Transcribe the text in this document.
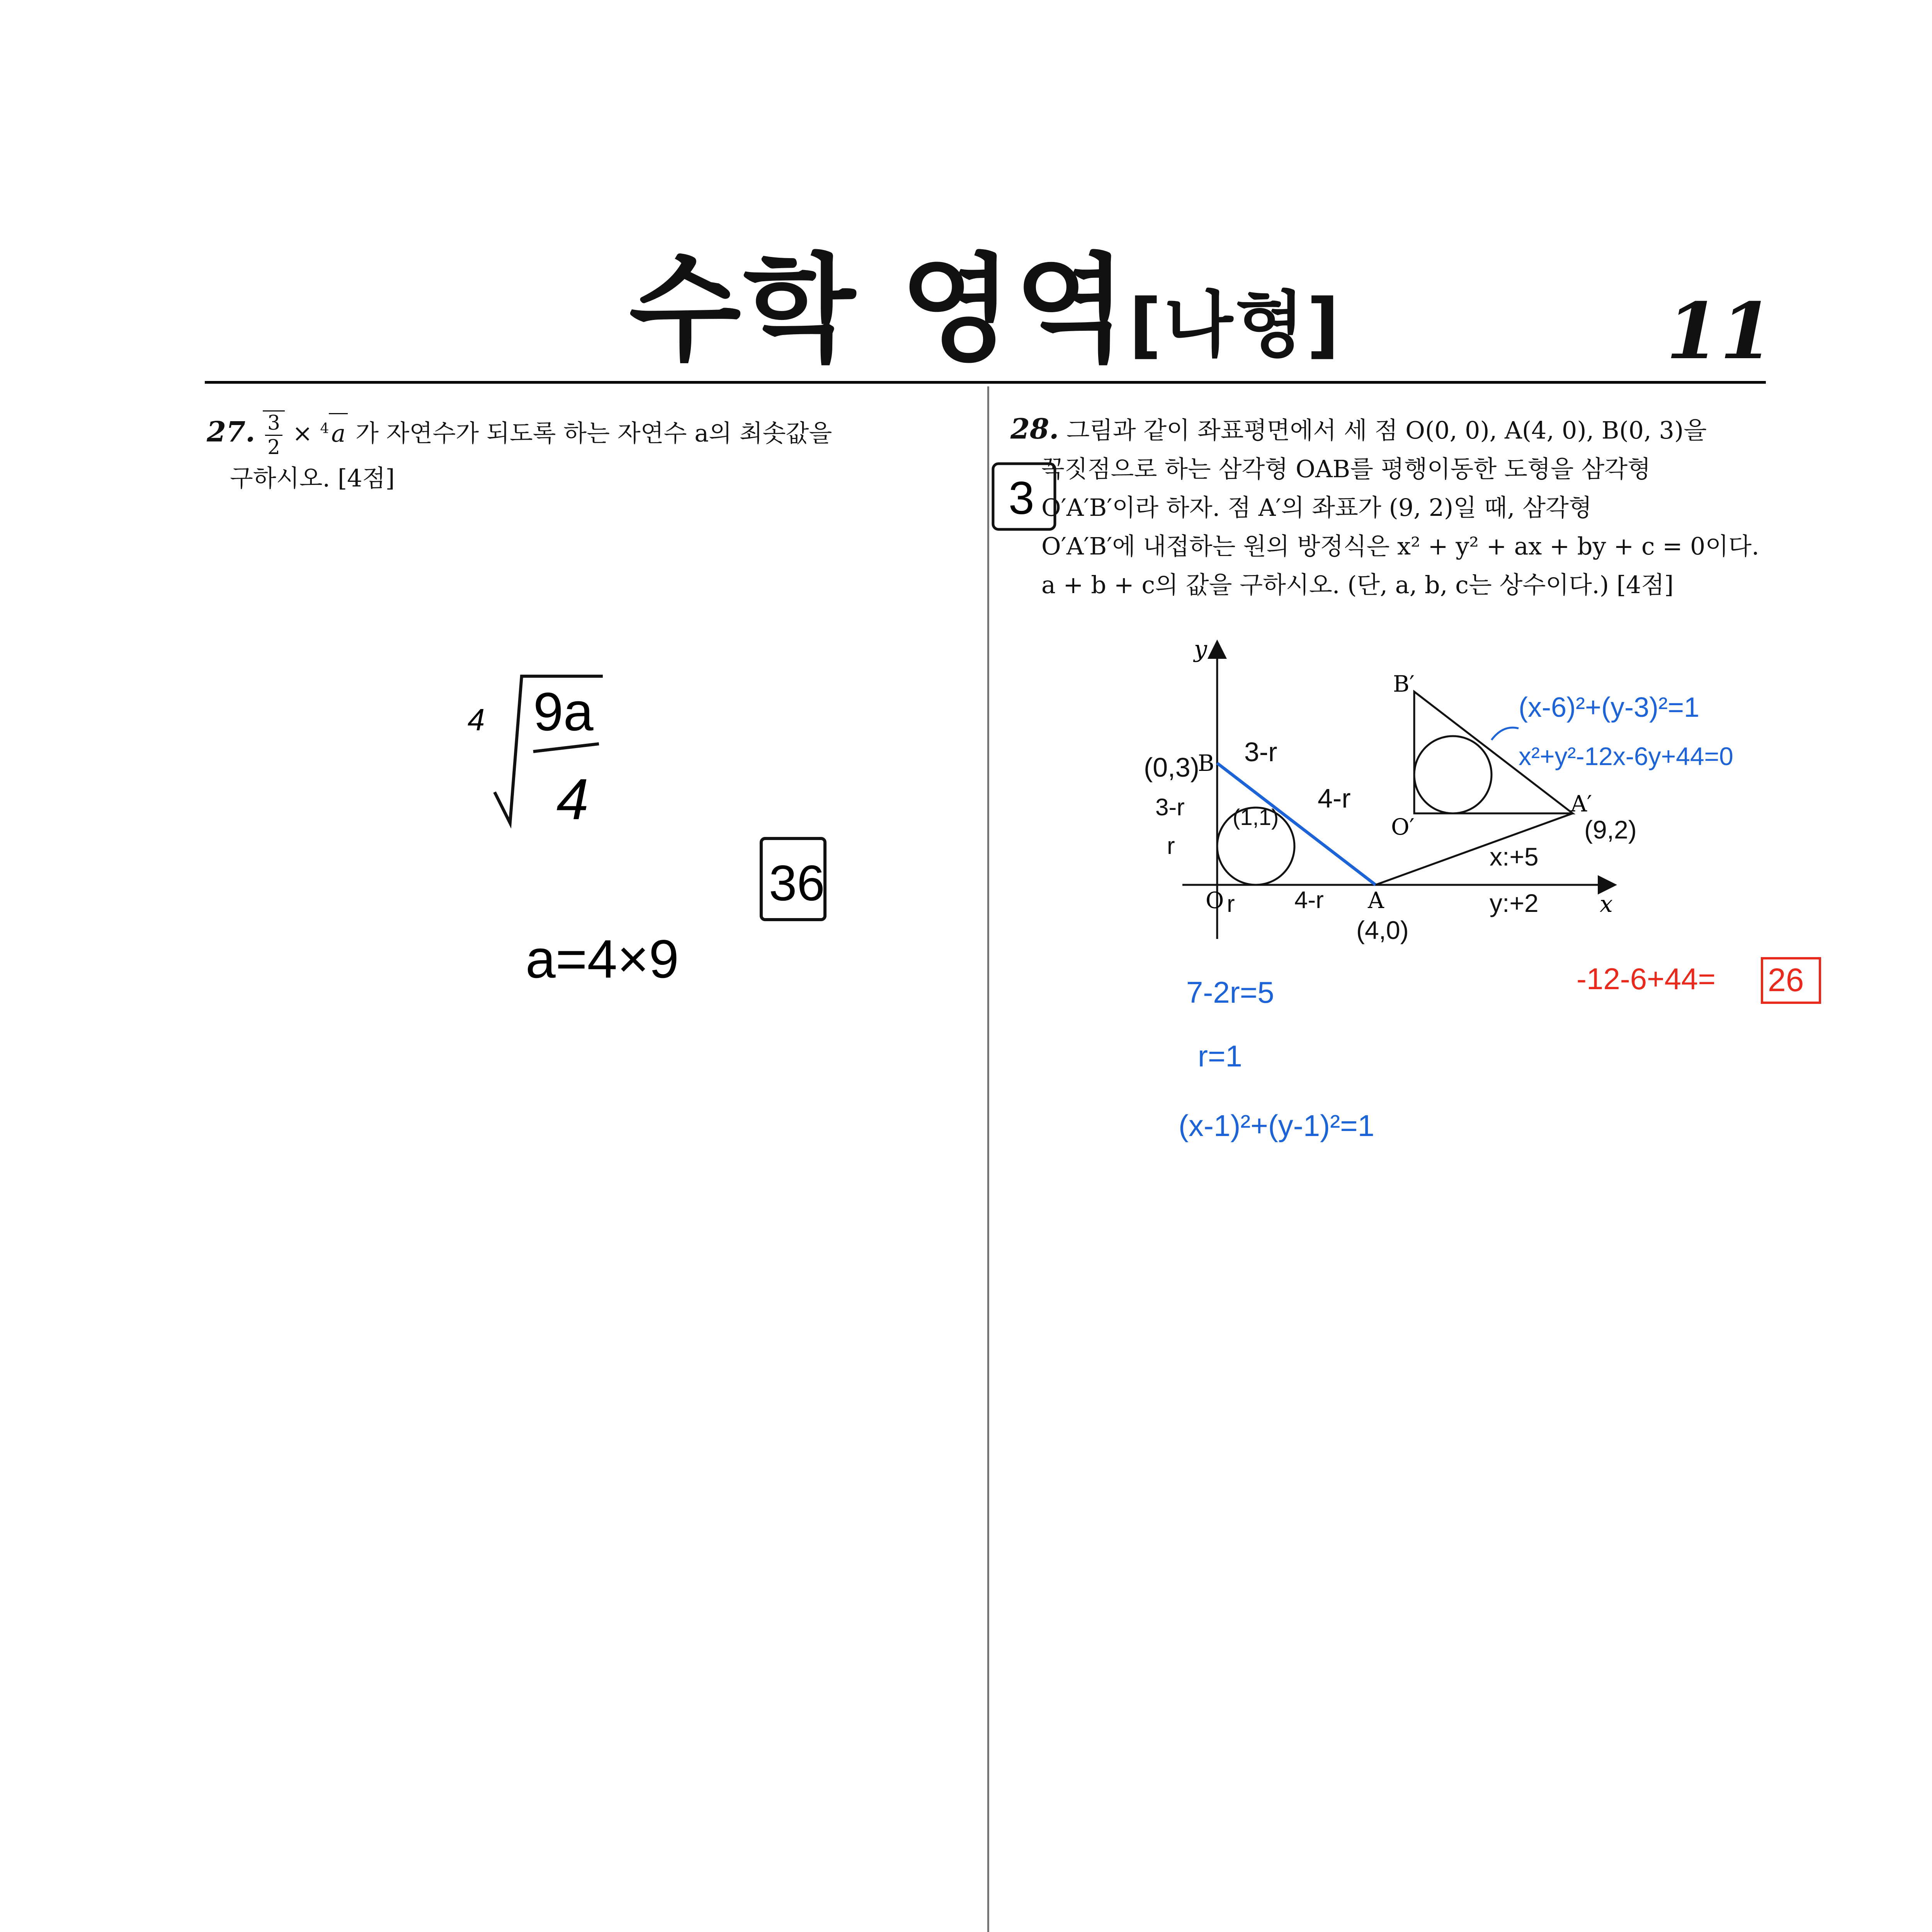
수학 영역[나형]	11
27. $\frac{3}{2} \times ^4a$ 가 자연수가 되도록 하는 자연수 a의 최솟값을
구하시오. [4점]
4 9a
4
36
a=4×9
28. 그림과 같이 좌표평면에서 세 점 O(0, 0), A(4, 0), B(0, 3)을
꼭짓점으로 하는 삼각형 OAB를 평행이동한 도형을 삼각형
O′A′B′이라 하자. 점 A′의 좌표가 (9, 2)일 때, 삼각형
O′A′B′에 내접하는 원의 방정식은 x² + y² + ax + by + c = 0이다.
a + b + c의 값을 구하시오. (단, a, b, c는 상수이다.) [4점]
3
x
y
O	A
B
O′
A′
B′
(0,3)
3-r
3-r	4-r
4-r
(1,1)
r
r
(4,0)
(9,2)
x:+5
y:+2
(x-6)²+(y-3)²=1
x²+y²-12x-6y+44=0
7-2r=5
r=1
(x-1)²+(y-1)²=1
-12-6+44= 26
